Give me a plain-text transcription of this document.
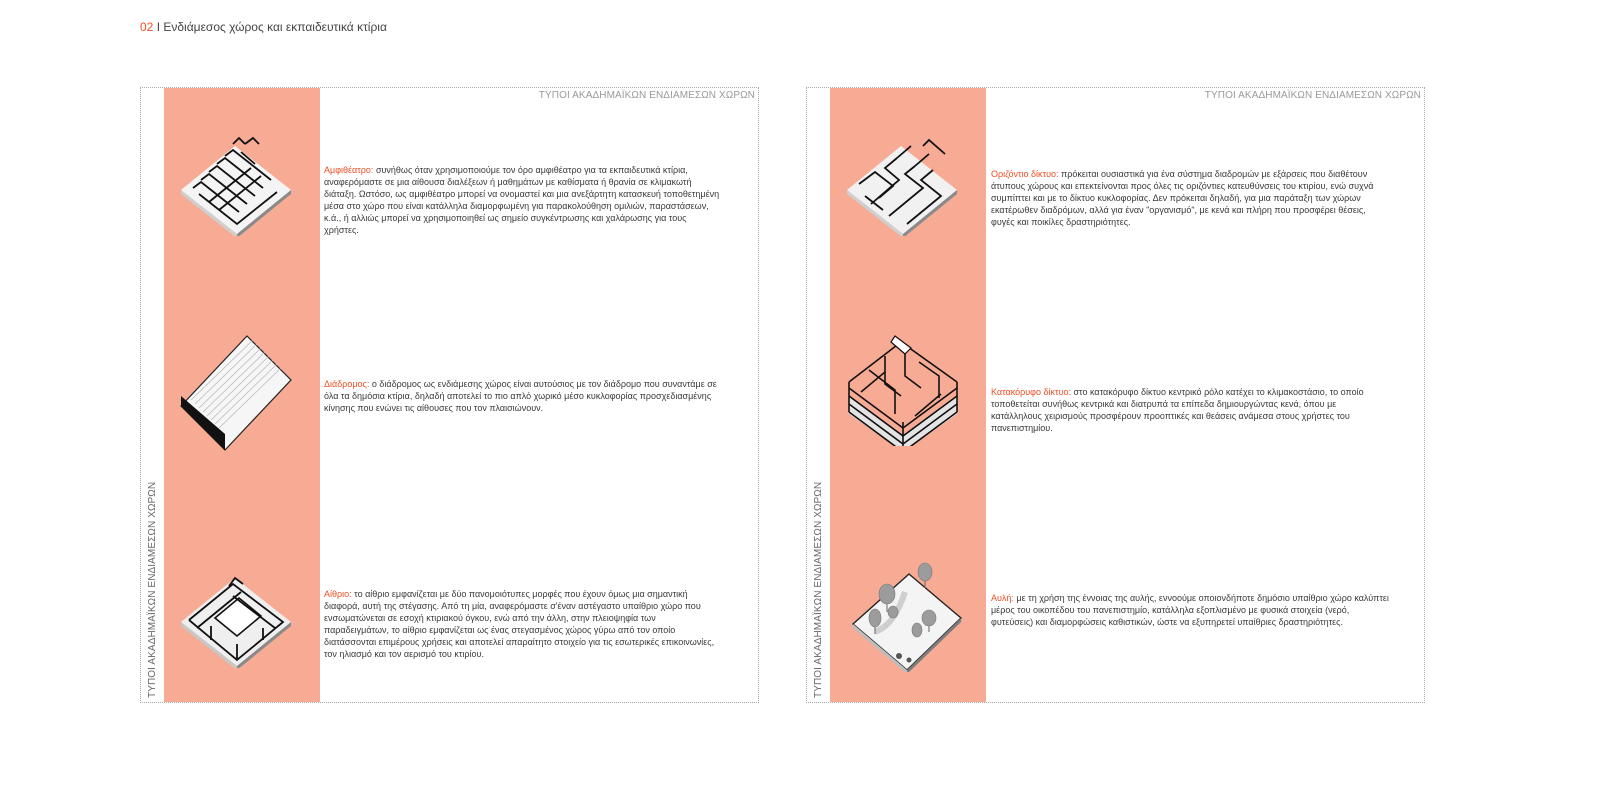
02 I Ενδιάμεσος χώρος και εκπαιδευτικά κτίρια
ΤΥΠΟΙ ΑΚΑΔΗΜΑΪΚΩΝ ΕΝΔΙΑΜΕΣΩΝ ΧΩΡΩΝ
ΤΥΠΟΙ ΑΚΑΔΗΜΑΪΚΩΝ ΕΝΔΙΑΜΕΣΩΝ ΧΩΡΩΝ
Αμφιθέατρο: συνήθως όταν χρησιμοποιούμε τον όρο αμφιθέατρο για τα εκπαιδευτικά κτίρια, αναφερόμαστε σε μια αίθουσα διαλέξεων ή μαθημάτων με καθίσματα ή θρανία σε κλιμακωτή διάταξη. Ωστόσο, ως αμφιθέατρο μπορεί να ονομαστεί και μια ανεξάρτητη κατασκευή τοποθετημένη μέσα στο χώρο που είναι κατάλληλα διαμορφωμένη για παρακολούθηση ομιλιών, παραστάσεων, κ.ά., ή αλλιώς μπορεί να χρησιμοποιηθεί ως σημείο συγκέντρωσης και χαλάρωσης για τους χρήστες.
Διάδρομος: ο διάδρομος ως ενδιάμεσης χώρος είναι αυτούσιος με τον διάδρομο που συναντάμε σε όλα τα δημόσια κτίρια, δηλαδή αποτελεί το πιο απλό χωρικό μέσο κυκλοφορίας προσχεδιασμένης κίνησης που ενώνει τις αίθουσες που τον πλαισιώνουν.
Αίθριο: το αίθριο εμφανίζεται με δύο πανομοιότυπες μορφές που έχουν όμως μια σημαντική διαφορά, αυτή της στέγασης. Από τη μία, αναφερόμαστε σ'έναν αστέγαστο υπαίθριο χώρο που ενσωματώνεται σε εσοχή κτιριακού όγκου, ενώ από την άλλη, στην πλειοψηφία των παραδειγμάτων, το αίθριο εμφανίζεται ως ένας στεγασμένος χώρος γύρω από τον οποίο διατάσσονται επιμέρους χρήσεις και αποτελεί απαραίτητο στοιχείο για τις εσωτερικές επικοινωνίες, τον ηλιασμό και τον αερισμό του κτιρίου.
ΤΥΠΟΙ ΑΚΑΔΗΜΑΪΚΩΝ ΕΝΔΙΑΜΕΣΩΝ ΧΩΡΩΝ
ΤΥΠΟΙ ΑΚΑΔΗΜΑΪΚΩΝ ΕΝΔΙΑΜΕΣΩΝ ΧΩΡΩΝ
Οριζόντιο δίκτυο: πρόκειται ουσιαστικά για ένα σύστημα διαδρομών με εξάρσεις που διαθέτουν άτυπους χώρους και επεκτείνονται προς όλες τις οριζόντιες κατευθύνσεις του κτιρίου, ενώ συχνά συμπίπτει και με το δίκτυο κυκλοφορίας. Δεν πρόκειται δηλαδή, για μια παράταξη των χώρων εκατέρωθεν διαδρόμων, αλλά για έναν "οργανισμό", με κενά και πλήρη που προσφέρει θέσεις, φυγές και ποικίλες δραστηριότητες.
Κατακόρυφο δίκτυο: στο κατακόρυφο δίκτυο κεντρικό ρόλο κατέχει το κλιμακοστάσιο, το οποίο τοποθετείται συνήθως κεντρικά και διατρυπά τα επίπεδα δημιουργώντας κενά, όπου με κατάλληλους χειρισμούς προσφέρουν προοπτικές και θεάσεις ανάμεσα στους χρήστες του πανεπιστημίου.
Αυλή: με τη χρήση της έννοιας της αυλής, εννοούμε οποιονδήποτε δημόσιο υπαίθριο χώρο καλύπτει μέρος του οικοπέδου του πανεπιστημίο, κατάλληλα εξοπλισμένο με φυσικά στοιχεία (νερό, φυτεύσεις) και διαμορφώσεις καθιστικών, ώστε να εξυπηρετεί υπαίθριες δραστηριότητες.
